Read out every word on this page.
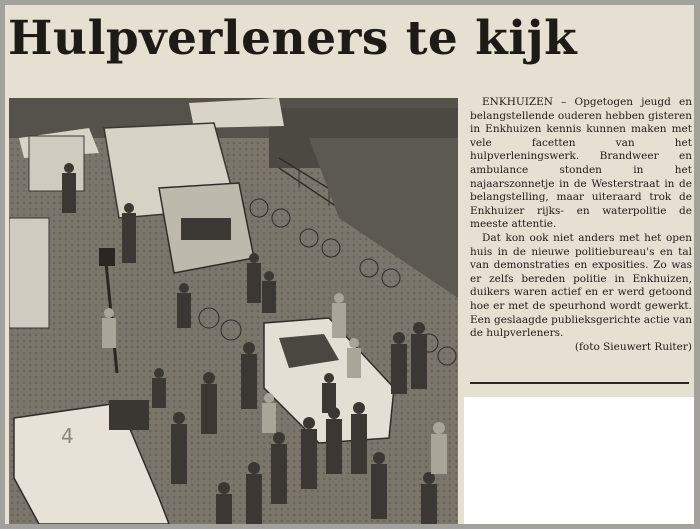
Hulpverleners te kijk
4

ENKHUIZEN – Opgetogen jeugd en belangstellende ouderen hebben gisteren in Enkhuizen kennis kunnen maken met vele facetten van het hulpverleningswerk. Brandweer en ambulance stonden in het najaarszonnetje in de Westerstraat in de belangstelling, maar uiteraard trok de Enkhuizer rijks- en waterpolitie de meeste attentie.

Dat kon ook niet anders met het open huis in de nieuwe politiebureau's en tal van demonstraties en exposities. Zo was er zelfs bereden politie in Enkhuizen, duikers waren actief en er werd getoond hoe er met de speurhond wordt gewerkt. Een geslaagde publieksgerichte actie van de hulpverleners.

(foto Sieuwert Ruiter)
